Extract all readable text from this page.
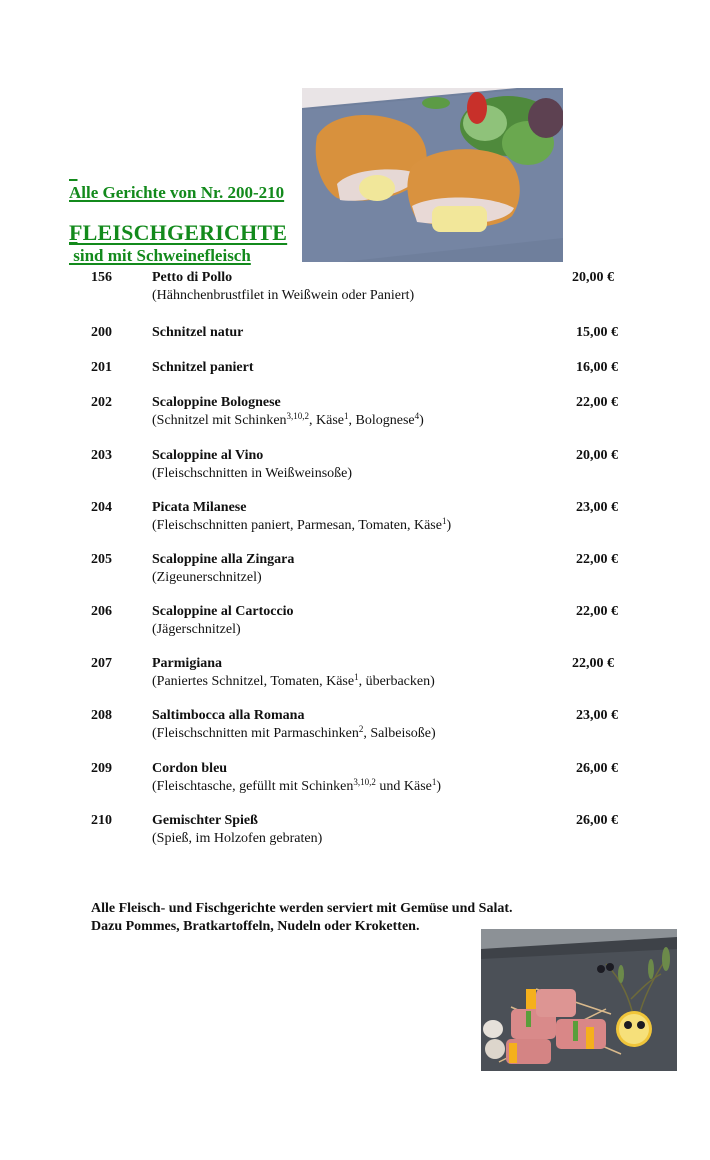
Alle Gerichte von Nr. 200-210

sind mit Schweinefleisch

FLEISCHGERICHTE
156	Petto di Pollo	20,00 €
(Hähnchenbrustfilet in Weißwein oder Paniert)
200	Schnitzel natur	15,00 €
201	Schnitzel paniert	16,00 €
202	Scaloppine Bolognese	22,00 €
(Schnitzel mit Schinken$^{3,10,2}$, Käse$^1$, Bolognese$^4$)
203	Scaloppine al Vino	20,00 €
(Fleischschnitten in Weißweinsoße)
204	Picata Milanese	23,00 €
(Fleischschnitten paniert, Parmesan, Tomaten, Käse$^1$)
205	Scaloppine alla Zingara	22,00 €
(Zigeunerschnitzel)
206	Scaloppine al Cartoccio	22,00 €
(Jägerschnitzel)
207	Parmigiana	22,00 €
(Paniertes Schnitzel, Tomaten, Käse$^1$, überbacken)
208	Saltimbocca alla Romana	23,00 €
(Fleischschnitten mit Parmaschinken$^2$, Salbeisoße)
209	Cordon bleu	26,00 €
(Fleischtasche, gefüllt mit Schinken$^{3,10,2}$ und Käse$^1$)
210	Gemischter Spieß	26,00 €
(Spieß, im Holzofen gebraten)
Alle Fleisch- und Fischgerichte werden serviert mit Gemüse und Salat.
Dazu Pommes, Bratkartoffeln, Nudeln oder Kroketten.
